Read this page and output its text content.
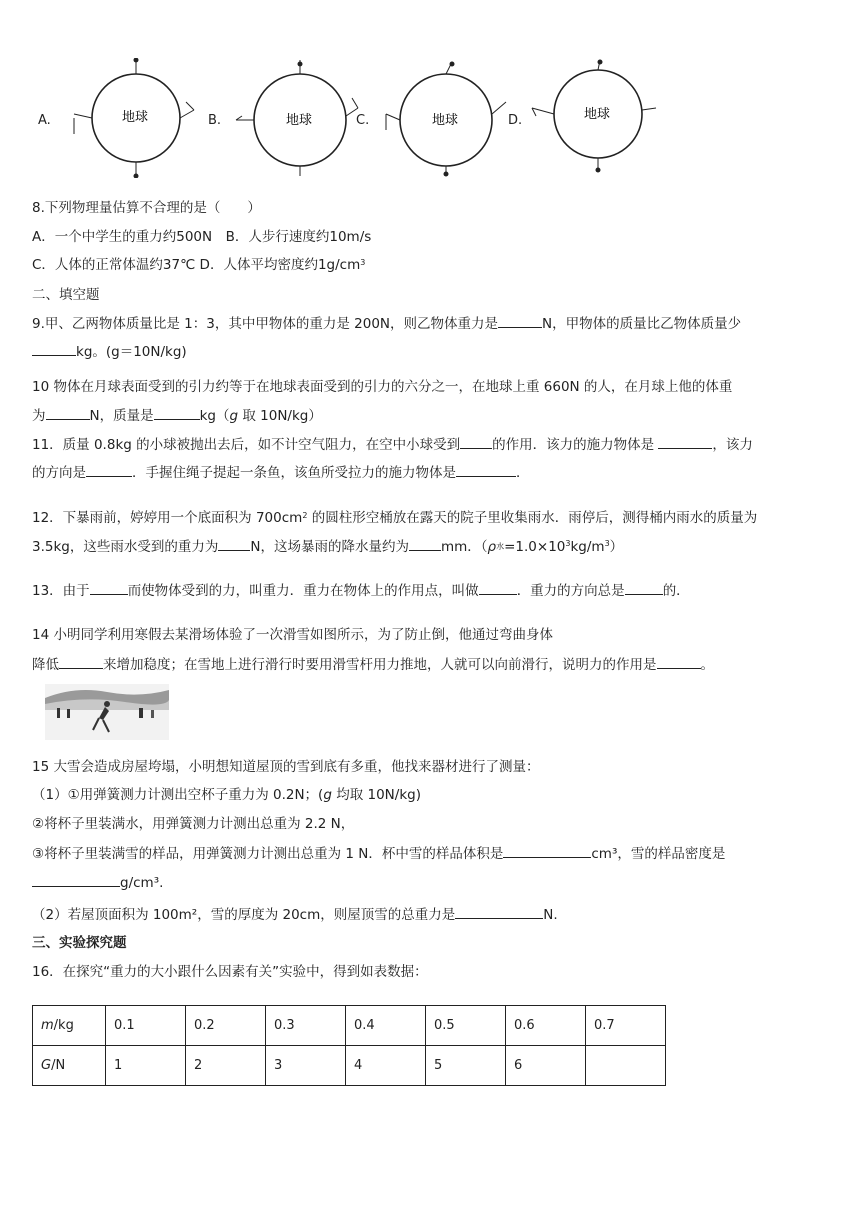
A.	地球	B.	地球	C.	地球	D.	地球
8.下列物理量估算不合理的是（　　）
A．一个中学生的重力约500N　B．人步行速度约10m/s
C．人体的正常体温约37℃ D．人体平均密度约$1g/cm^3$
二、填空题
9.甲、乙两物体质量比是 1：3，其中甲物体的重力是 200N，则乙物体重力是	N，甲物体的质量比乙物体质量少
kg。(g＝10N/kg)
10 物体在月球表面受到的引力约等于在地球表面受到的引力的六分之一，在地球上重 660N 的人，在月球上他的体重
为	N，质量是	kg（g 取 10N/kg）
11．质量 0.8kg 的小球被抛出去后，如不计空气阻力，在空中小球受到 的作用．该力的施力物体是	，该力
的方向是	．手握住绳子提起一条鱼，该鱼所受拉力的施力物体是	．
12．下暴雨前，婷婷用一个底面积为 $700cm^2$ 的圆柱形空桶放在露天的院子里收集雨水．雨停后，测得桶内雨水的质量为
3.5kg，这些雨水受到的重力为 N，这场暴雨的降水量约为 mm．（ρ水$=1.0\times 10^3kg/m^3$）
13．由于	而使物体受到的力，叫重力．重力在物体上的作用点，叫做	．重力的方向总是	的．
14 小明同学利用寒假去某滑场体验了一次滑雪如图所示，为了防止倒，他通过弯曲身体
降低	来增加稳度；在雪地上进行滑行时要用滑雪杆用力推地，人就可以向前滑行，说明力的作用是	。
15 大雪会造成房屋垮塌，小明想知道屋顶的雪到底有多重，他找来器材进行了测量：
（1）①用弹簧测力计测出空杯子重力为 0.2N；(g 均取 10N/kg)
②将杯子里装满水，用弹簧测力计测出总重为 2.2 N，
③将杯子里装满雪的样品，用弹簧测力计测出总重为 1 N．杯中雪的样品体积是	cm³，雪的样品密度是
g/cm³.
（2）若屋顶面积为 100m²，雪的厚度为 20cm，则屋顶雪的总重力是	N.
三、实验探究题
16．在探究“重力的大小跟什么因素有关”实验中，得到如表数据：
m/kg	0.1	0.2	0.3	0.4	0.5	0.6	0.7
G/N	1	2	3	4	5	6	
